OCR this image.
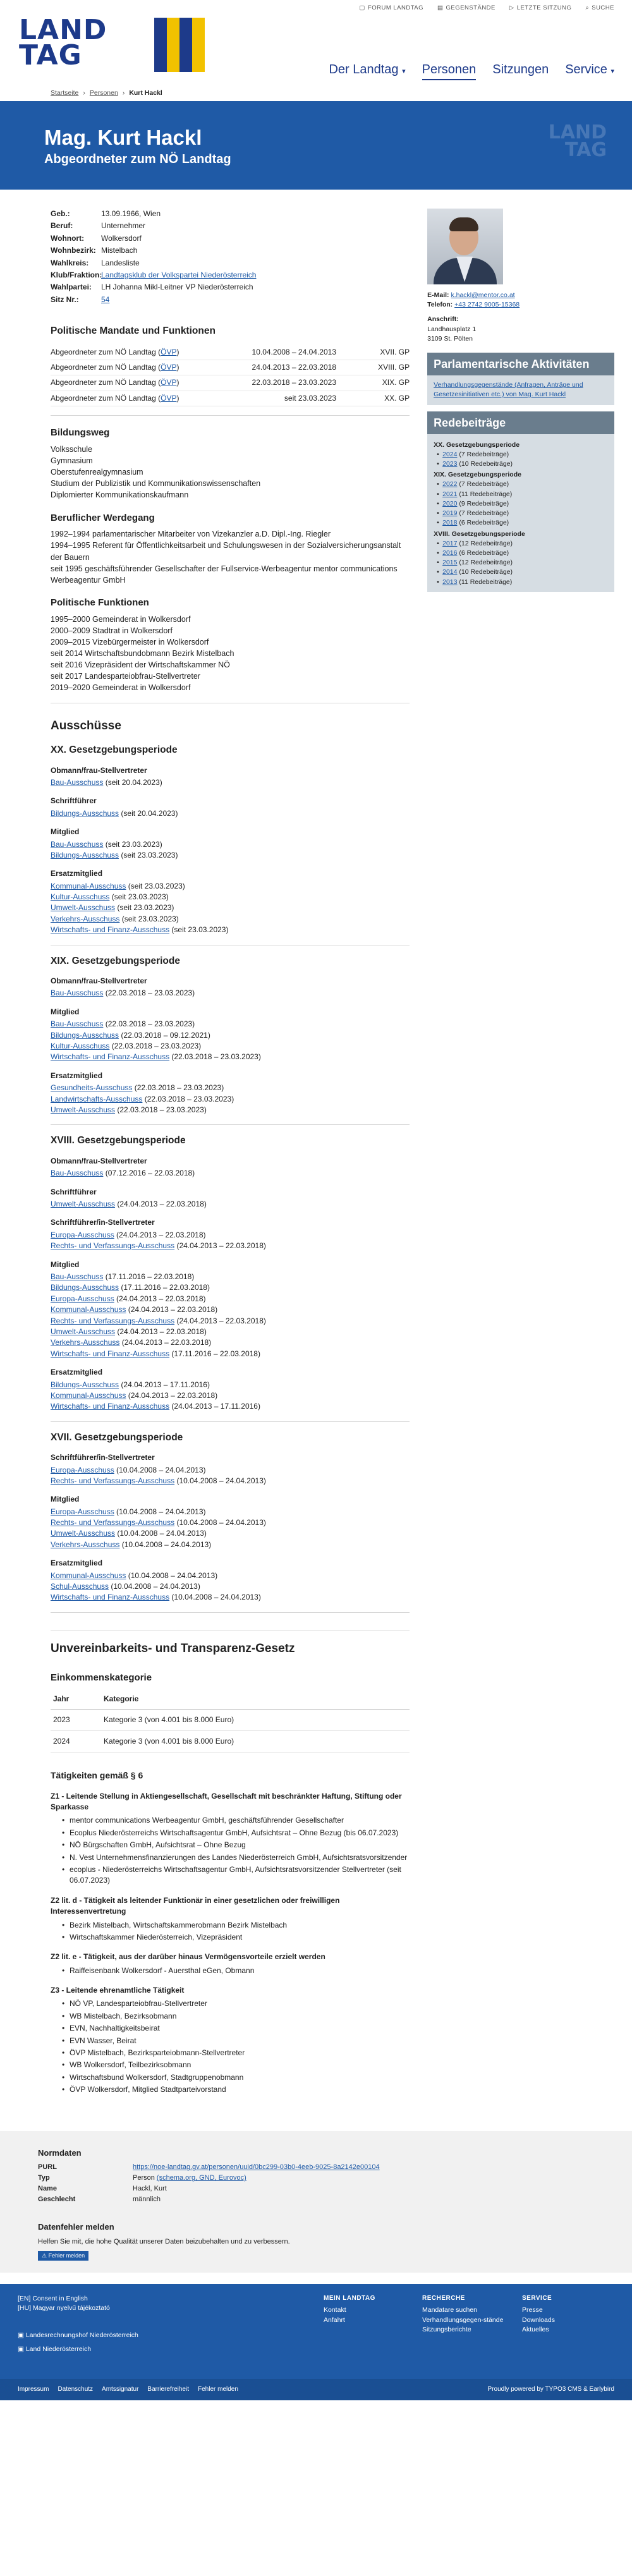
▢ FORUM LANDTAG ▤ GEGENSTÄNDE ▷ LETZTE SITZUNG ⌕ SUCHE
LAND
TAG
Startseite › Personen › Kurt Hackl
Der Landtag ▾ Personen Sitzungen Service ▾
Mag. Kurt Hackl
Abgeordneter zum NÖ Landtag
LAND TAG
Geb.:	13.09.1966, Wien
Beruf:	Unternehmer
Wohnort:	Wolkersdorf
Wohnbezirk: Mistelbach
Wahlkreis:	Landesliste
Klub/Fraktion:
Landtagsklub der Volkspartei Niederösterreich
Wahlpartei:	LH Johanna Mikl-Leitner VP Niederösterreich
Sitz Nr.:	54
Politische Mandate und Funktionen
Abgeordneter zum NÖ Landtag (ÖVP)	10.04.2008 – 24.04.2013	XVII. GP
Abgeordneter zum NÖ Landtag (ÖVP)	24.04.2013 – 22.03.2018	XVIII. GP
Abgeordneter zum NÖ Landtag (ÖVP)	22.03.2018 – 23.03.2023	XIX. GP
Abgeordneter zum NÖ Landtag (ÖVP)	seit 23.03.2023	XX. GP
Bildungsweg

Volksschule

Gymnasium

Oberstufenrealgymnasium

Studium der Publizistik und Kommunikationswissenschaften

Diplomierter Kommunikationskaufmann

Beruflicher Werdegang

1992–1994 parlamentarischer Mitarbeiter von Vizekanzler a.D. Dipl.-Ing. Riegler

1994–1995 Referent für Öffentlichkeitsarbeit und Schulungswesen in der Sozialversicherungsanstalt der Bauern

seit 1995 geschäftsführender Gesellschafter der Fullservice-Werbeagentur mentor communications Werbeagentur GmbH

Politische Funktionen

1995–2000 Gemeinderat in Wolkersdorf

2000–2009 Stadtrat in Wolkersdorf

2009–2015 Vizebürgermeister in Wolkersdorf

seit 2014 Wirtschaftsbundobmann Bezirk Mistelbach

seit 2016 Vizepräsident der Wirtschaftskammer NÖ

seit 2017 Landesparteiobfrau-Stellvertreter

2019–2020 Gemeinderat in Wolkersdorf

Ausschüsse
XX. Gesetzgebungsperiode
Obmann/frau-Stellvertreter

Bau-Ausschuss (seit 20.04.2023)

Schriftführer

Bildungs-Ausschuss (seit 20.04.2023)

Mitglied

Bau-Ausschuss (seit 23.03.2023)

Bildungs-Ausschuss (seit 23.03.2023)

Ersatzmitglied

Kommunal-Ausschuss (seit 23.03.2023)

Kultur-Ausschuss (seit 23.03.2023)

Umwelt-Ausschuss (seit 23.03.2023)

Verkehrs-Ausschuss (seit 23.03.2023)

Wirtschafts- und Finanz-Ausschuss (seit 23.03.2023)

XIX. Gesetzgebungsperiode
Obmann/frau-Stellvertreter

Bau-Ausschuss (22.03.2018 – 23.03.2023)

Mitglied

Bau-Ausschuss (22.03.2018 – 23.03.2023)

Bildungs-Ausschuss (22.03.2018 – 09.12.2021)

Kultur-Ausschuss (22.03.2018 – 23.03.2023)

Wirtschafts- und Finanz-Ausschuss (22.03.2018 – 23.03.2023)

Ersatzmitglied

Gesundheits-Ausschuss (22.03.2018 – 23.03.2023)

Landwirtschafts-Ausschuss (22.03.2018 – 23.03.2023)

Umwelt-Ausschuss (22.03.2018 – 23.03.2023)

XVIII. Gesetzgebungsperiode
Obmann/frau-Stellvertreter

Bau-Ausschuss (07.12.2016 – 22.03.2018)

Schriftführer

Umwelt-Ausschuss (24.04.2013 – 22.03.2018)

Schriftführer/in-Stellvertreter

Europa-Ausschuss (24.04.2013 – 22.03.2018)

Rechts- und Verfassungs-Ausschuss (24.04.2013 – 22.03.2018)

Mitglied

Bau-Ausschuss (17.11.2016 – 22.03.2018)

Bildungs-Ausschuss (17.11.2016 – 22.03.2018)

Europa-Ausschuss (24.04.2013 – 22.03.2018)

Kommunal-Ausschuss (24.04.2013 – 22.03.2018)

Rechts- und Verfassungs-Ausschuss (24.04.2013 – 22.03.2018)

Umwelt-Ausschuss (24.04.2013 – 22.03.2018)

Verkehrs-Ausschuss (24.04.2013 – 22.03.2018)

Wirtschafts- und Finanz-Ausschuss (17.11.2016 – 22.03.2018)

Ersatzmitglied

Bildungs-Ausschuss (24.04.2013 – 17.11.2016)

Kommunal-Ausschuss (24.04.2013 – 22.03.2018)

Wirtschafts- und Finanz-Ausschuss (24.04.2013 – 17.11.2016)

XVII. Gesetzgebungsperiode
Schriftführer/in-Stellvertreter

Europa-Ausschuss (10.04.2008 – 24.04.2013)

Rechts- und Verfassungs-Ausschuss (10.04.2008 – 24.04.2013)

Mitglied

Europa-Ausschuss (10.04.2008 – 24.04.2013)

Rechts- und Verfassungs-Ausschuss (10.04.2008 – 24.04.2013)

Umwelt-Ausschuss (10.04.2008 – 24.04.2013)

Verkehrs-Ausschuss (10.04.2008 – 24.04.2013)

Ersatzmitglied

Kommunal-Ausschuss (10.04.2008 – 24.04.2013)

Schul-Ausschuss (10.04.2008 – 24.04.2013)

Wirtschafts- und Finanz-Ausschuss (10.04.2008 – 24.04.2013)

Unvereinbarkeits- und Transparenz-Gesetz
Einkommenskategorie
Jahr	Kategorie
2023	Kategorie 3 (von 4.001 bis 8.000 Euro)
2024	Kategorie 3 (von 4.001 bis 8.000 Euro)
Tätigkeiten gemäß § 6
Z1 - Leitende Stellung in Aktiengesellschaft, Gesellschaft mit beschränkter Haftung, Stiftung oder Sparkasse
• mentor communications Werbeagentur GmbH, geschäftsführender Gesellschafter
• Ecoplus Niederösterreichs Wirtschaftsagentur GmbH, Aufsichtsrat – Ohne Bezug (bis 06.07.2023)
• NÖ Bürgschaften GmbH, Aufsichtsrat – Ohne Bezug
• N. Vest Unternehmensfinanzierungen des Landes Niederösterreich GmbH, Aufsichtsratsvorsitzender
• ecoplus - Niederösterreichs Wirtschaftsagentur GmbH, Aufsichtsratsvorsitzender Stellvertreter (seit 06.07.2023)
Z2 lit. d - Tätigkeit als leitender Funktionär in einer gesetzlichen oder freiwilligen Interessenvertretung
• Bezirk Mistelbach, Wirtschaftskammerobmann Bezirk Mistelbach
• Wirtschaftskammer Niederösterreich, Vizepräsident
Z2 lit. e - Tätigkeit, aus der darüber hinaus Vermögensvorteile erzielt werden
• Raiffeisenbank Wolkersdorf - Auersthal eGen, Obmann
Z3 - Leitende ehrenamtliche Tätigkeit
• NÖ VP, Landesparteiobfrau-Stellvertreter
• WB Mistelbach, Bezirksobmann
• EVN, Nachhaltigkeitsbeirat
• EVN Wasser, Beirat
• ÖVP Mistelbach, Bezirksparteiobmann-Stellvertreter
• WB Wolkersdorf, Teilbezirksobmann
• Wirtschaftsbund Wolkersdorf, Stadtgruppenobmann
• ÖVP Wolkersdorf, Mitglied Stadtparteivorstand
E-Mail: k.hackl@mentor.co.at
Telefon: +43 2742 9005-15368
Anschrift:
Landhausplatz 1
3109 St. Pölten
Parlamentarische Aktivitäten
Verhandlungsgegenstände (Anfragen, Anträge und Gesetzesinitiativen etc.) von Mag. Kurt Hackl
Redebeiträge
XX. Gesetzgebungsperiode
• 2024 (7 Redebeiträge)
• 2023 (10 Redebeiträge)
XIX. Gesetzgebungsperiode
• 2022 (7 Redebeiträge)
• 2021 (11 Redebeiträge)
• 2020 (9 Redebeiträge)
• 2019 (7 Redebeiträge)
• 2018 (6 Redebeiträge)
XVIII. Gesetzgebungsperiode
• 2017 (12 Redebeiträge)
• 2016 (6 Redebeiträge)
• 2015 (12 Redebeiträge)
• 2014 (10 Redebeiträge)
• 2013 (11 Redebeiträge)
Normdaten
PURL	https://noe-landtag.gv.at/personen/uuid/0bc299-03b0-4eeb-9025-8a2142e00104
Typ	Person (schema.org, GND, Eurovoc)
Name	Hackl, Kurt
Geschlecht	männlich
Datenfehler melden
Helfen Sie mit, die hohe Qualität unserer Daten beizubehalten und zu verbessern.
⚠ Fehler melden
[EN] Consent in English
[HU] Magyar nyelvű tájékoztató
▣ Landesrechnungshof Niederösterreich
▣ Land Niederösterreich
MEIN LANDTAG
Kontakt
Anfahrt
RECHERCHE
Mandatare suchen
Verhandlungsgegen-stände
Sitzungsberichte
SERVICE
Presse
Downloads
Aktuelles
Impressum Datenschutz Amtssignatur Barrierefreiheit Fehler melden	Proudly powered by TYPO3 CMS & Earlybird
